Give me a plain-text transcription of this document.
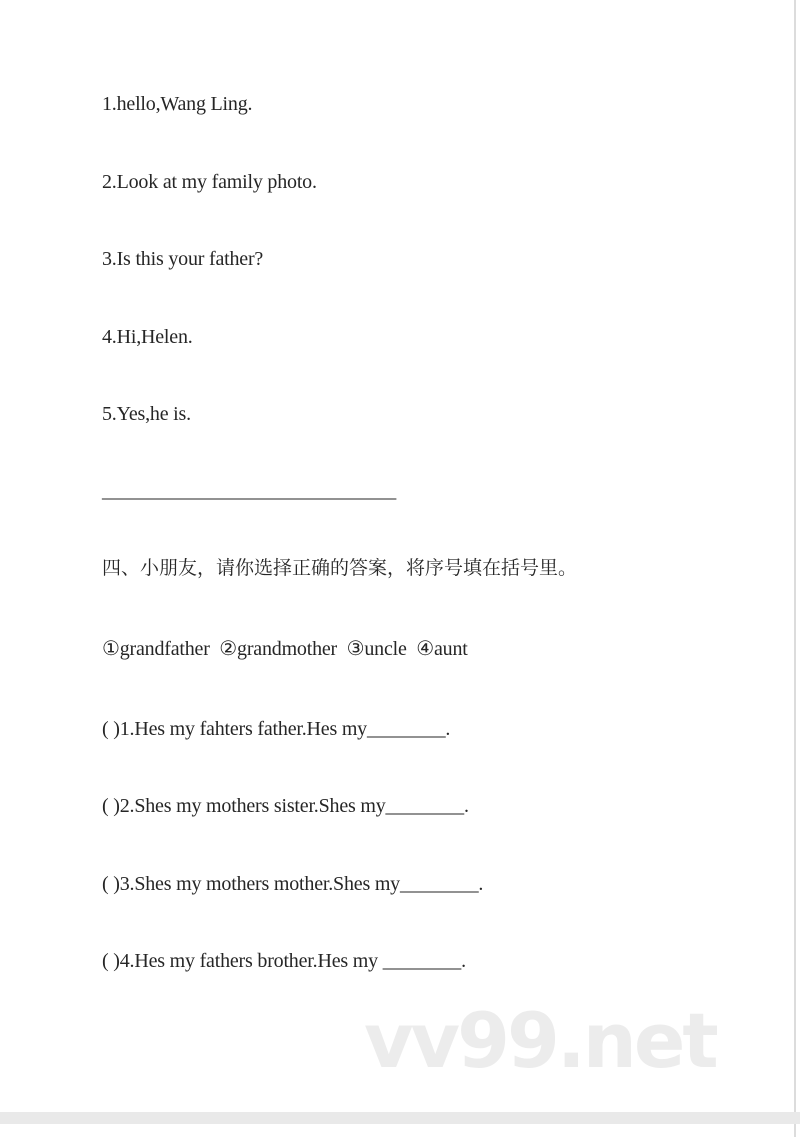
1.hello,Wang Ling.
2.Look at my family photo.
3.Is this your father?
4.Hi,Helen.
5.Yes,he is.
______________________________
四、小朋友，请你选择正确的答案，将序号填在括号里。
①grandfather  ②grandmother  ③uncle  ④aunt
( )1.Hes my fahters father.Hes my________.
( )2.Shes my mothers sister.Shes my________.
( )3.Shes my mothers mother.Shes my________.
( )4.Hes my fathers brother.Hes my ________.
vv99.net
